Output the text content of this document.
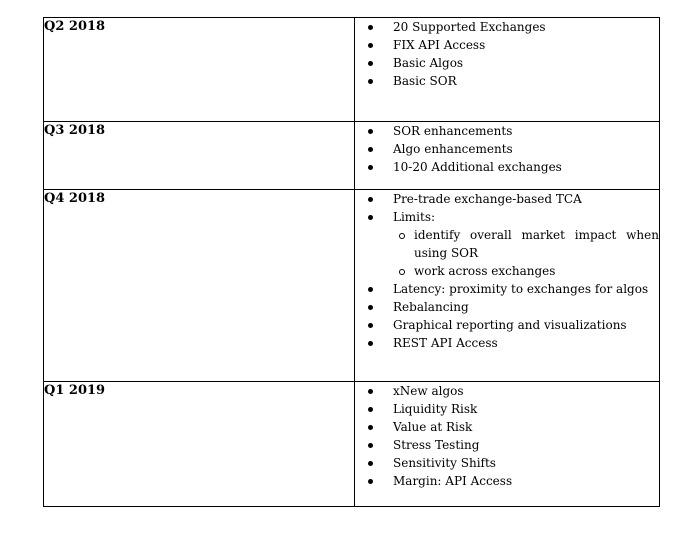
Q2 2018	20 Supported Exchanges
FIX API Access
Basic Algos
Basic SOR

Q3 2018	SOR enhancements
Algo enhancements
10-20 Additional exchanges

Q4 2018	Pre-trade exchange-based TCA
Limits:
identify overall market impact when using SOR
work across exchanges
Latency: proximity to exchanges for algos
Rebalancing
Graphical reporting and visualizations
REST API Access

Q1 2019	xNew algos
Liquidity Risk
Value at Risk
Stress Testing
Sensitivity Shifts
Margin: API Access
